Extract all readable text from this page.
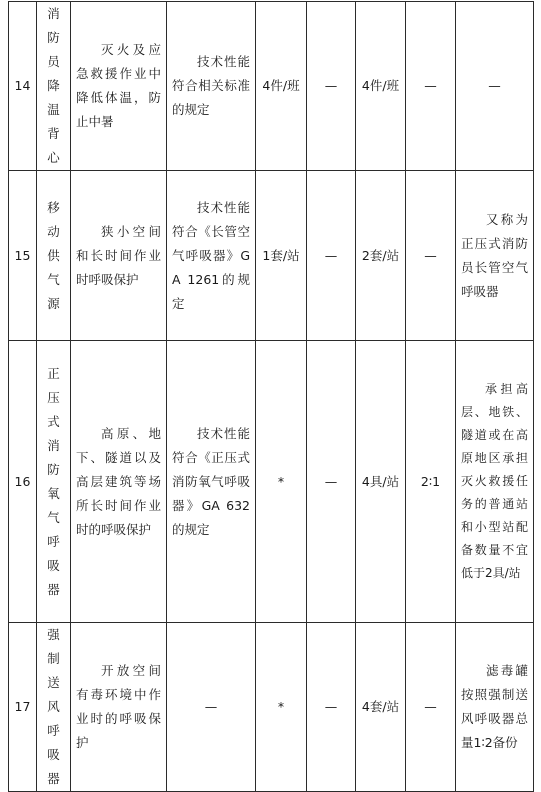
14	消防员降温背心	灭火及应急救援作业中降低体温，防止中暑	技术性能符合相关标准的规定	4件/班	—	4件/班	—	—
15	移动供气源	狭小空间和长时间作业时呼吸保护	技术性能符合《长管空气呼吸器》GA 1261的规定	1套/站	—	2套/站	—	又称为正压式消防员长管空气呼吸器
16	正压式消防氧气呼吸器	高原、地下、隧道以及高层建筑等场所长时间作业时的呼吸保护	技术性能符合《正压式消防氧气呼吸器》GA 632的规定	*	—	4具/站	2∶1	承担高层、地铁、隧道或在高原地区承担灭火救援任务的普通站和小型站配备数量不宜低于2具/站
17	强制送风呼吸器	开放空间有毒环境中作业时的呼吸保护	—	*	—	4套/站	—	滤毒罐按照强制送风呼吸器总量1∶2备份
